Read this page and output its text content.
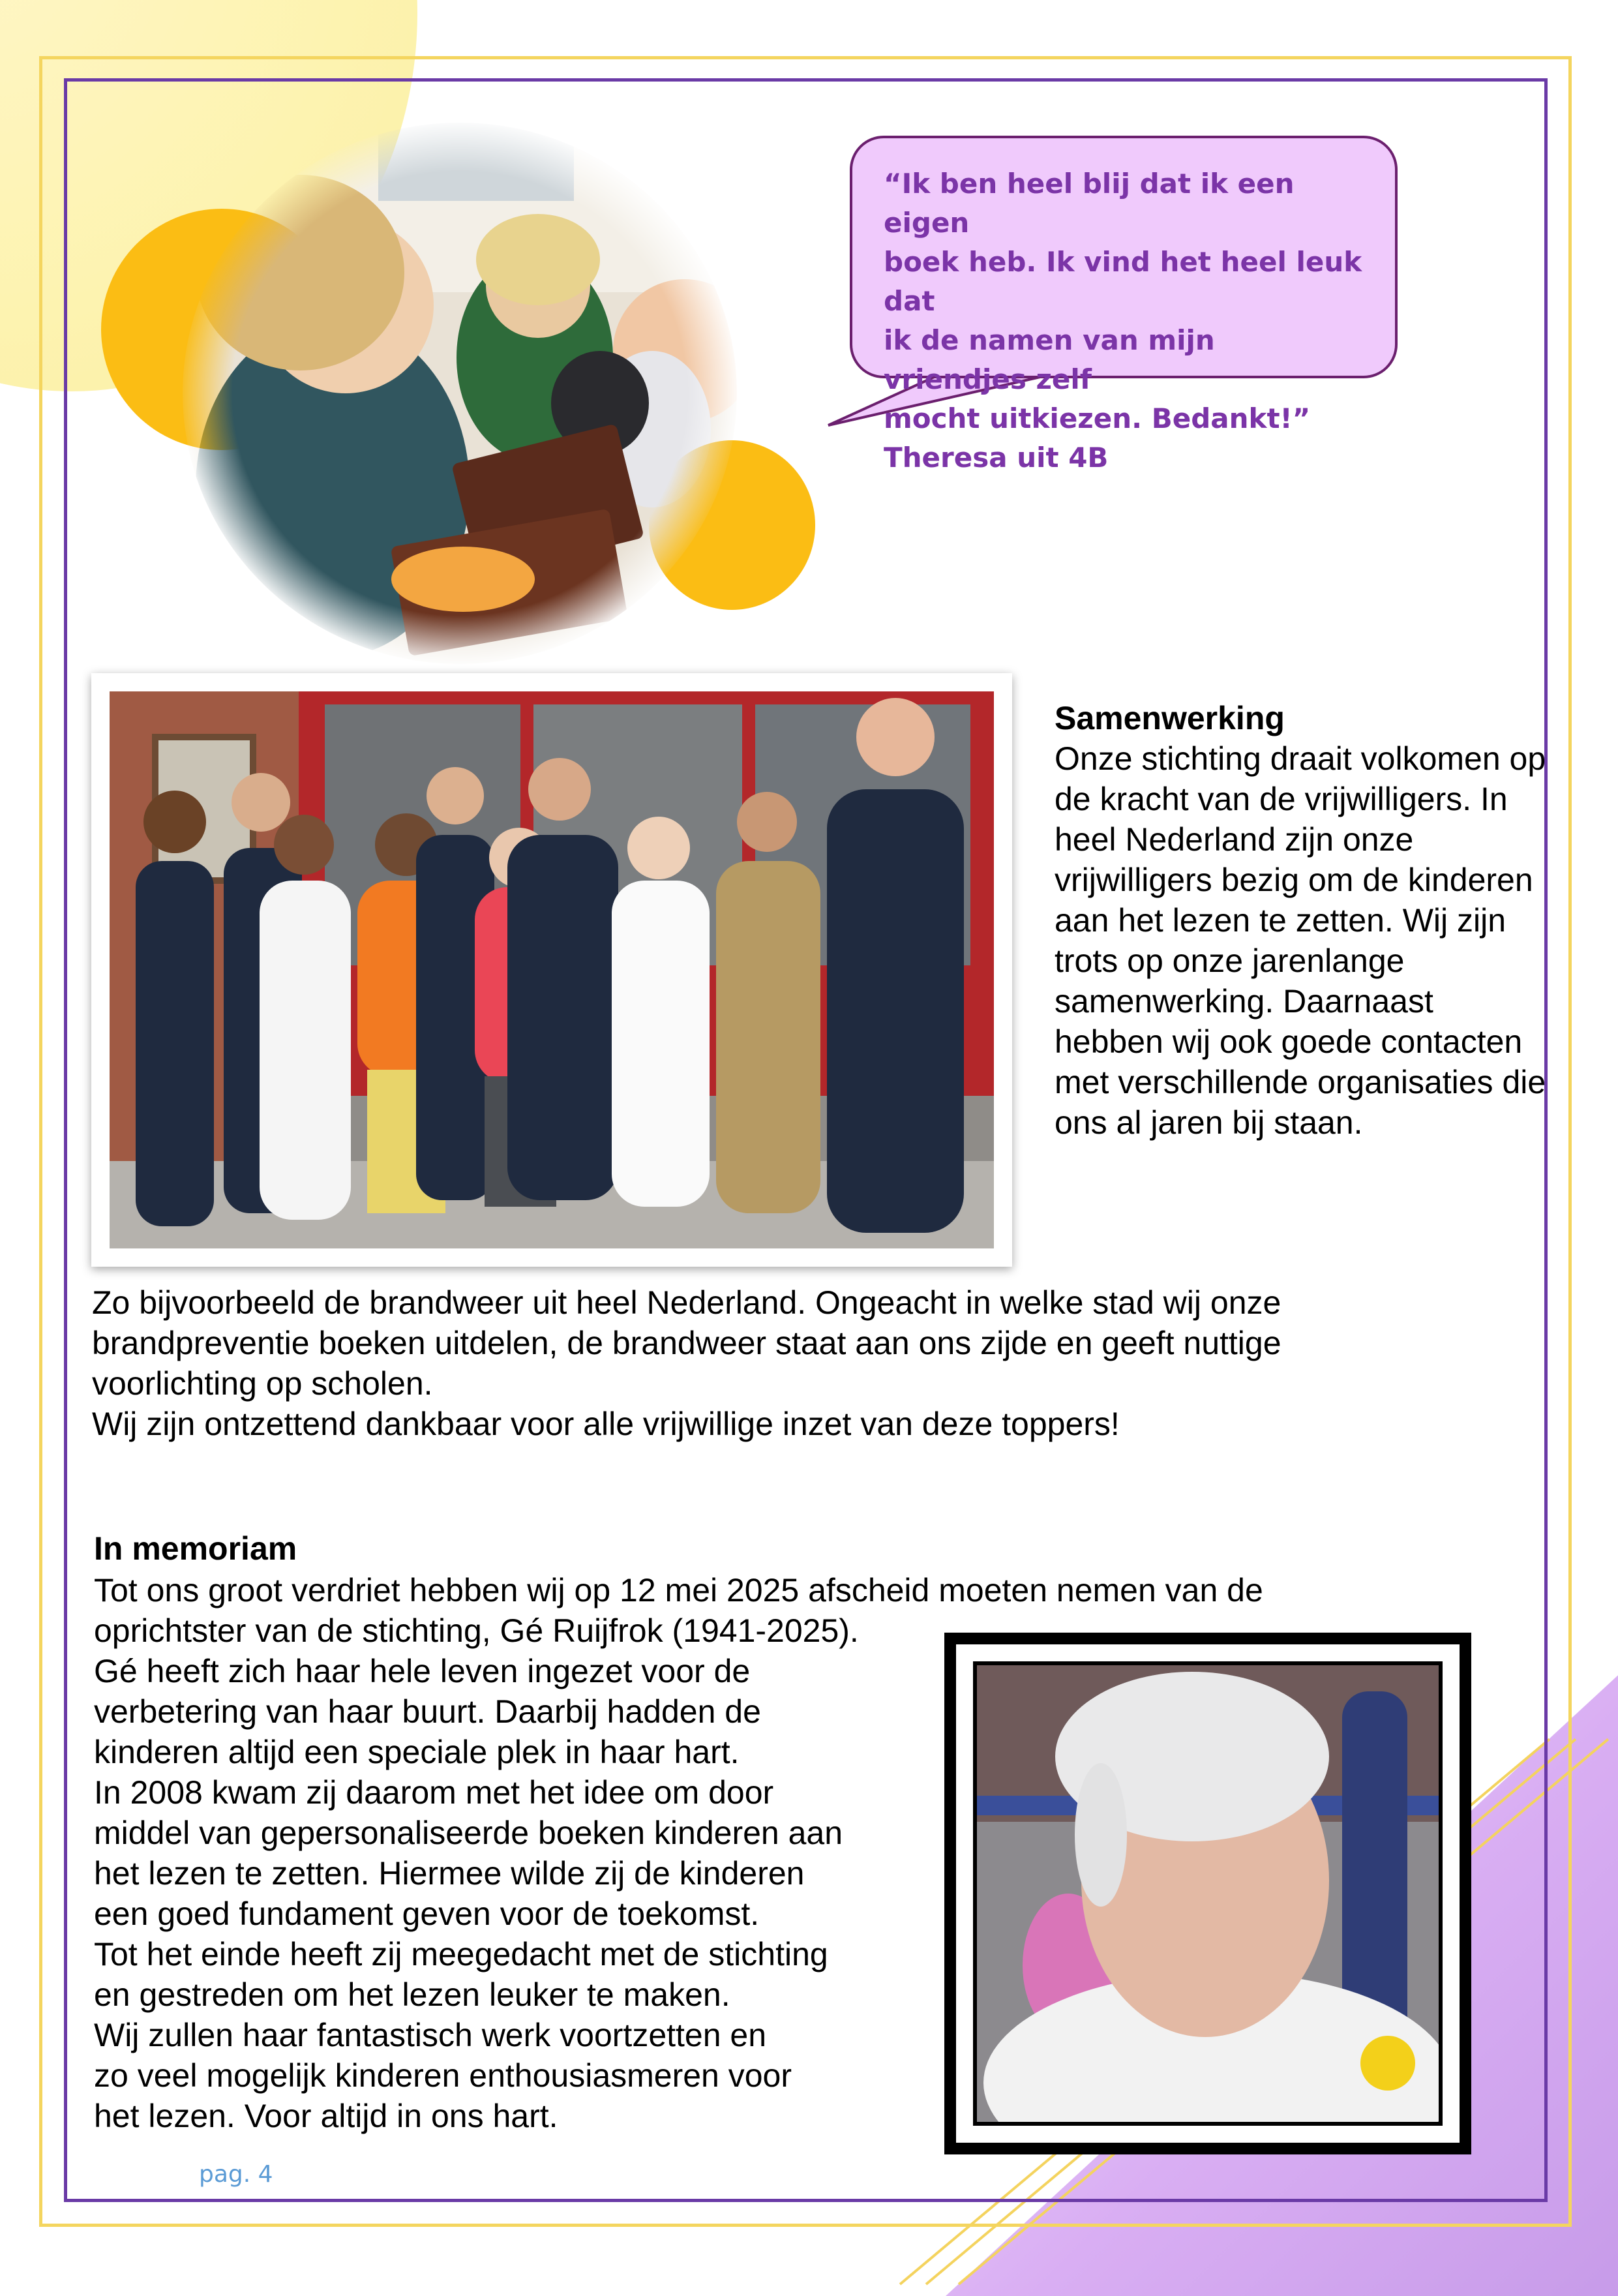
“Ik ben heel blij dat ik een eigen
boek heb. Ik vind het heel leuk dat
ik de namen van mijn vriendjes zelf
mocht uitkiezen. Bedankt!”
Theresa uit 4B
Samenwerking
Onze stichting draait volkomen op de kracht van de vrijwilligers. In heel Nederland zijn onze vrijwilligers bezig om de kinderen aan het lezen te zetten. Wij zijn trots op onze jarenlange samenwerking. Daarnaast hebben wij ook goede contacten met verschillende organisaties die ons al jaren bij staan.
Zo bijvoorbeeld de brandweer uit heel Nederland. Ongeacht in welke stad wij onze
brandpreventie boeken uitdelen, de brandweer staat aan ons zijde en geeft nuttige
voorlichting op scholen.
Wij zijn ontzettend dankbaar voor alle vrijwillige inzet van deze toppers!
In memoriam
Tot ons groot verdriet hebben wij op 12 mei 2025 afscheid moeten nemen van de
oprichtster van de stichting, Gé Ruijfrok (1941-2025).
Gé heeft zich haar hele leven ingezet voor de
verbetering van haar buurt. Daarbij hadden de
kinderen altijd een speciale plek in haar hart.
In 2008 kwam zij daarom met het idee om door
middel van gepersonaliseerde boeken kinderen aan
het lezen te zetten. Hiermee wilde zij de kinderen
een goed fundament geven voor de toekomst.
Tot het einde heeft zij meegedacht met de stichting
en gestreden om het lezen leuker te maken.
Wij zullen haar fantastisch werk voortzetten en
zo veel mogelijk kinderen enthousiasmeren voor
het lezen. Voor altijd in ons hart.
pag. 4
